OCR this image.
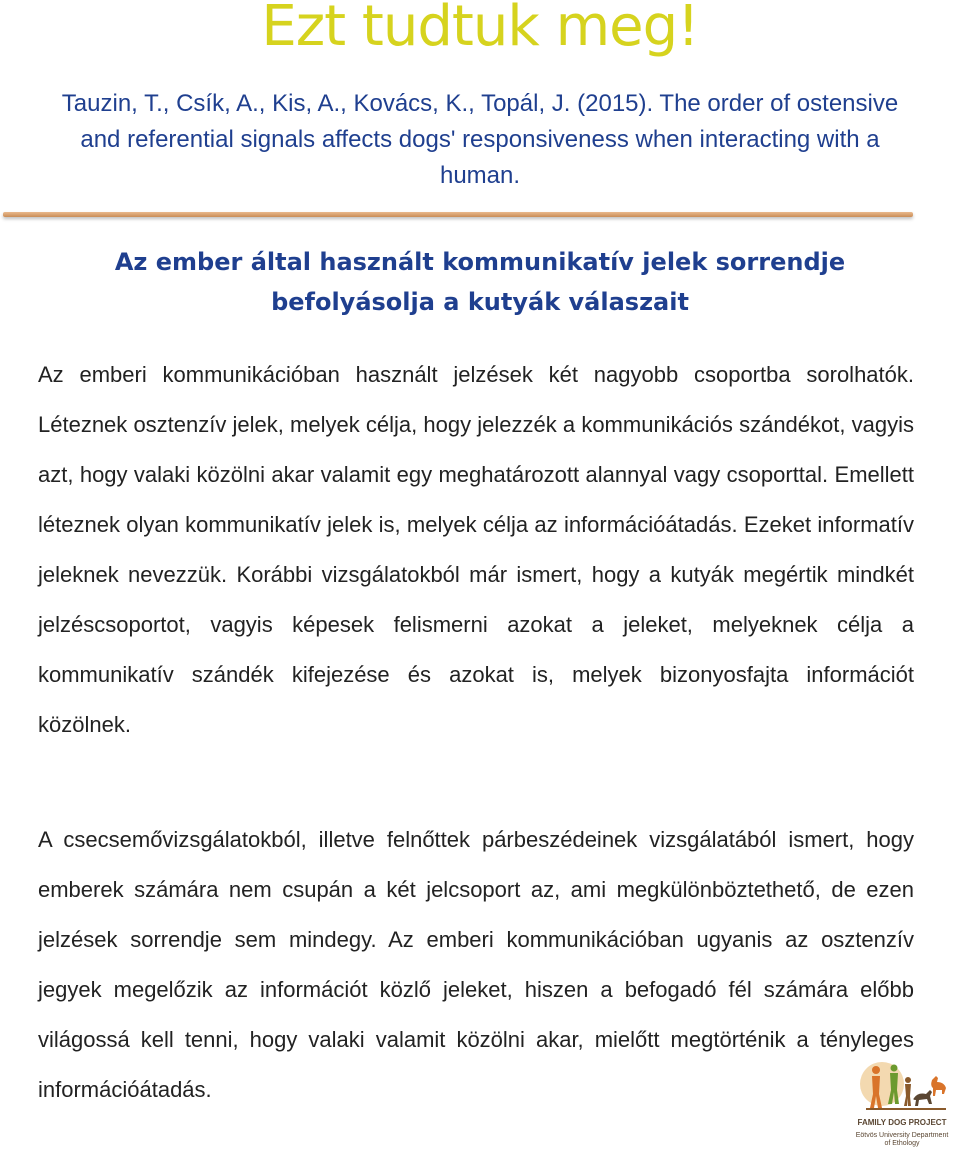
Ezt tudtuk meg!
Tauzin, T., Csík, A., Kis, A., Kovács, K., Topál, J. (2015). The order of ostensive and referential signals affects dogs' responsiveness when interacting with a human.
Az ember által használt kommunikatív jelek sorrendje befolyásolja a kutyák válaszait

Az emberi kommunikációban használt jelzések két nagyobb csoportba sorolhatók. Léteznek osztenzív jelek, melyek célja, hogy jelezzék a kommunikációs szándékot, vagyis azt, hogy valaki közölni akar valamit egy meghatározott alannyal vagy csoporttal. Emellett léteznek olyan kommunikatív jelek is, melyek célja az információátadás. Ezeket informatív jeleknek nevezzük. Korábbi vizsgálatokból már ismert, hogy a kutyák megértik mindkét jelzéscsoportot, vagyis képesek felismerni azokat a jeleket, melyeknek célja a kommunikatív szándék kifejezése és azokat is, melyek bizonyosfajta információt közölnek.

A csecsemővizsgálatokból, illetve felnőttek párbeszédeinek vizsgálatából ismert, hogy emberek számára nem csupán a két jelcsoport az, ami megkülönböztethető, de ezen jelzések sorrendje sem mindegy. Az emberi kommunikációban ugyanis az osztenzív jegyek megelőzik az információt közlő jeleket, hiszen a befogadó fél számára előbb világossá kell tenni, hogy valaki valamit közölni akar, mielőtt megtörténik a tényleges információátadás.

FAMILY DOG PROJECT
Eötvös University Department of Ethology
